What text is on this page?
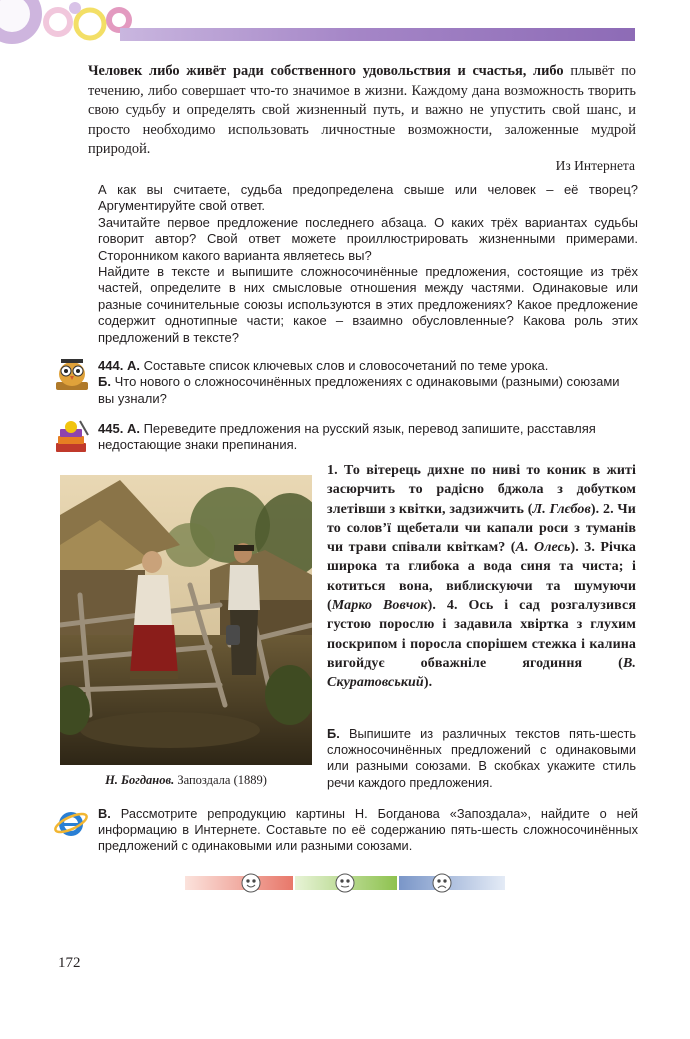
Человек либо живёт ради собственного удовольствия и счастья, либо плывёт по течению, либо совершает что-то значимое в жизни. Каждому дана возможность творить свою судьбу и определять свой жизненный путь, и важно не упустить свой шанс, и просто необходимо использовать личностные возможности, заложенные мудрой природой.
Из Интернета

А как вы считаете, судьба предопределена свыше или человек – её творец? Аргументируйте свой ответ.

Зачитайте первое предложение последнего абзаца. О каких трёх вариантах судьбы говорит автор? Свой ответ можете проиллюстрировать жизненными примерами. Сторонником какого варианта являетесь вы?

Найдите в тексте и выпишите сложносочинённые предложения, состоящие из трёх частей, определите в них смысловые отношения между частями. Одинаковые или разные сочинительные союзы используются в этих предложениях? Какое предложение содержит однотипные части; какое – взаимно обусловленные? Какова роль этих предложений в тексте?

444. А. Составьте список ключевых слов и словосочетаний по теме урока.

Б. Что нового о сложносочинённых предложениях с одинаковыми (разными) союзами вы узнали?

445. А. Переведите предложения на русский язык, перевод запишите, расставляя недостающие знаки препинания.

Н. Богданов. Запоздала (1889)
1. То вітерець дихне по ниві то коник в житі засюрчить то радісно бджола з добутком злетівши з квітки, задзижчить (Л. Глєбов). 2. Чи то солов’ї щебетали чи капали роси з туманів чи трави співали квіткам? (А. Олесь). 3. Річка широка та глибока а вода синя та чиста; і котиться вона, виблискуючи та шумуючи (Марко Вовчок). 4. Ось і сад розгалузився густою порослю і задавила хвіртка з глухим поскрипом і поросла спорішем стежка і калина вигойдує обважніле ягодиння (В. Скуратовський).
Б. Выпишите из различных текстов пять-шесть сложносочинённых предложений с одинаковыми или разными союзами. В скобках укажите стиль речи каждого предложения.
В. Рассмотрите репродукцию картины Н. Богданова «Запоздала», найдите о ней информацию в Интернете. Составьте по её содержанию пять-шесть сложносочинённых предложений с одинаковыми или разными союзами.
172
